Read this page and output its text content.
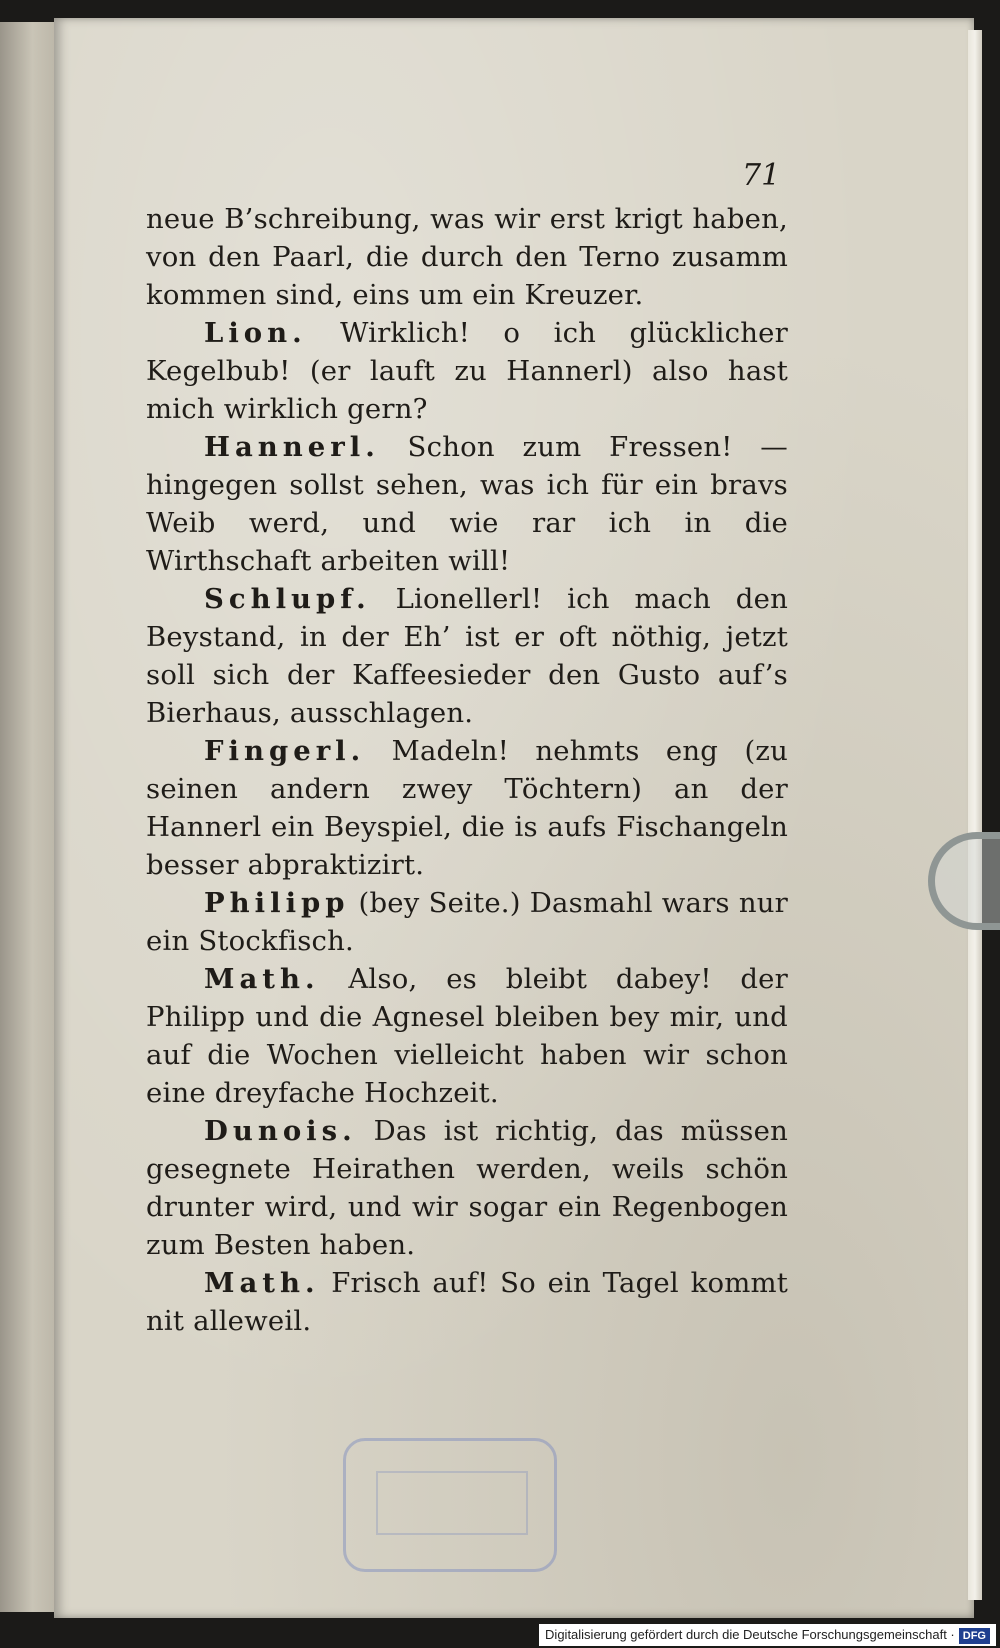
71

neue B’schreibung, was wir erst krigt haben, von den Paarl, die durch den Terno zusamm kommen sind, eins um ein Kreuzer.

Lion. Wirklich! o ich glücklicher Kegelbub! (er lauft zu Hannerl) also hast mich wirklich gern?

Hannerl. Schon zum Fressen! — hingegen sollst sehen, was ich für ein bravs Weib werd, und wie rar ich in die Wirthschaft arbeiten will!

Schlupf. Lionellerl! ich mach den Beystand, in der Eh’ ist er oft nöthig, jetzt soll sich der Kaffeesieder den Gusto auf’s Bierhaus, ausschlagen.

Fingerl. Madeln! nehmts eng (zu seinen andern zwey Töchtern) an der Hannerl ein Beyspiel, die is aufs Fischangeln besser abpraktizirt.

Philipp (bey Seite.) Dasmahl wars nur ein Stockfisch.

Math. Also, es bleibt dabey! der Philipp und die Agnesel bleiben bey mir, und auf die Wochen vielleicht haben wir schon eine dreyfache Hochzeit.

Dunois. Das ist richtig, das müssen gesegnete Heirathen werden, weils schön drunter wird, und wir sogar ein Regenbogen zum Besten haben.

Math. Frisch auf! So ein Tagel kommt nit alleweil.

Digitalisierung gefördert durch die Deutsche Forschungsgemeinschaft · DFG
